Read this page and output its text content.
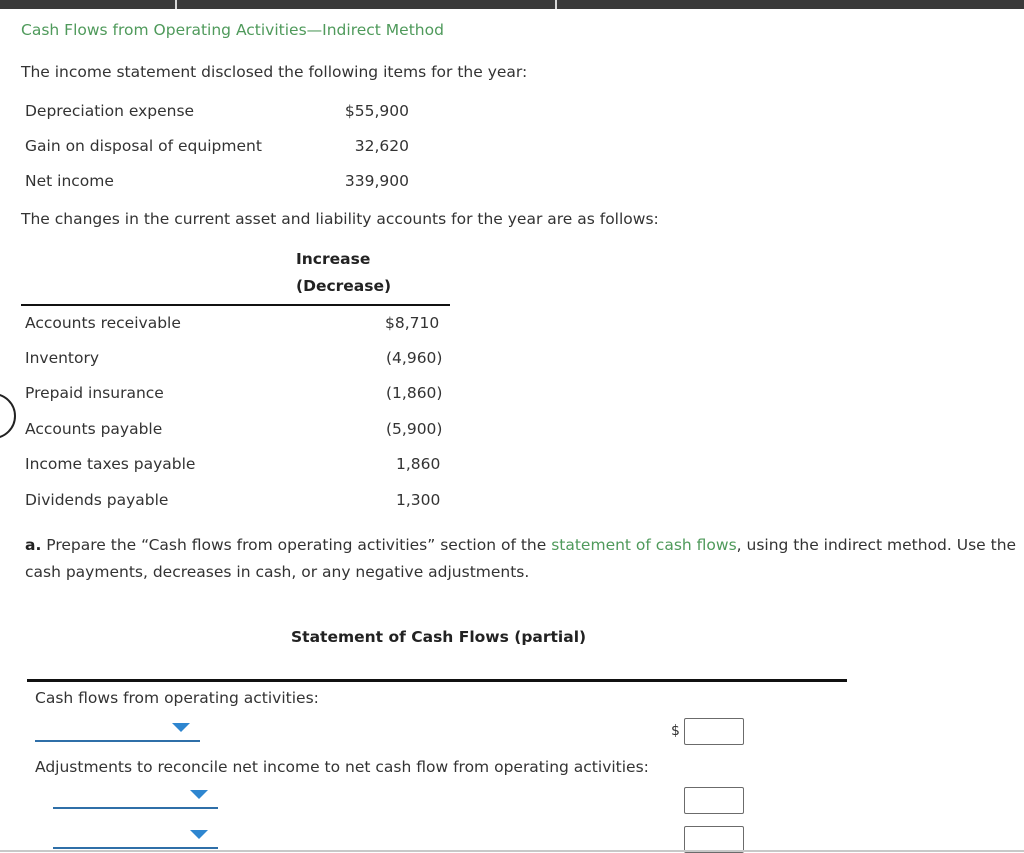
Cash Flows from Operating Activities—Indirect Method
The income statement disclosed the following items for the year:
Depreciation expense	$55,900
Gain on disposal of equipment	32,620
Net income	339,900
The changes in the current asset and liability accounts for the year are as follows:
Increase
(Decrease)
Accounts receivable	$8,710
Inventory	(4,960)
Prepaid insurance	(1,860)
Accounts payable	(5,900)
Income taxes payable	1,860
Dividends payable	1,300
a. Prepare the “Cash flows from operating activities” section of the statement of cash flows, using the indirect method. Use the
cash payments, decreases in cash, or any negative adjustments.
Statement of Cash Flows (partial)
Cash flows from operating activities:
$
Adjustments to reconcile net income to net cash flow from operating activities:
